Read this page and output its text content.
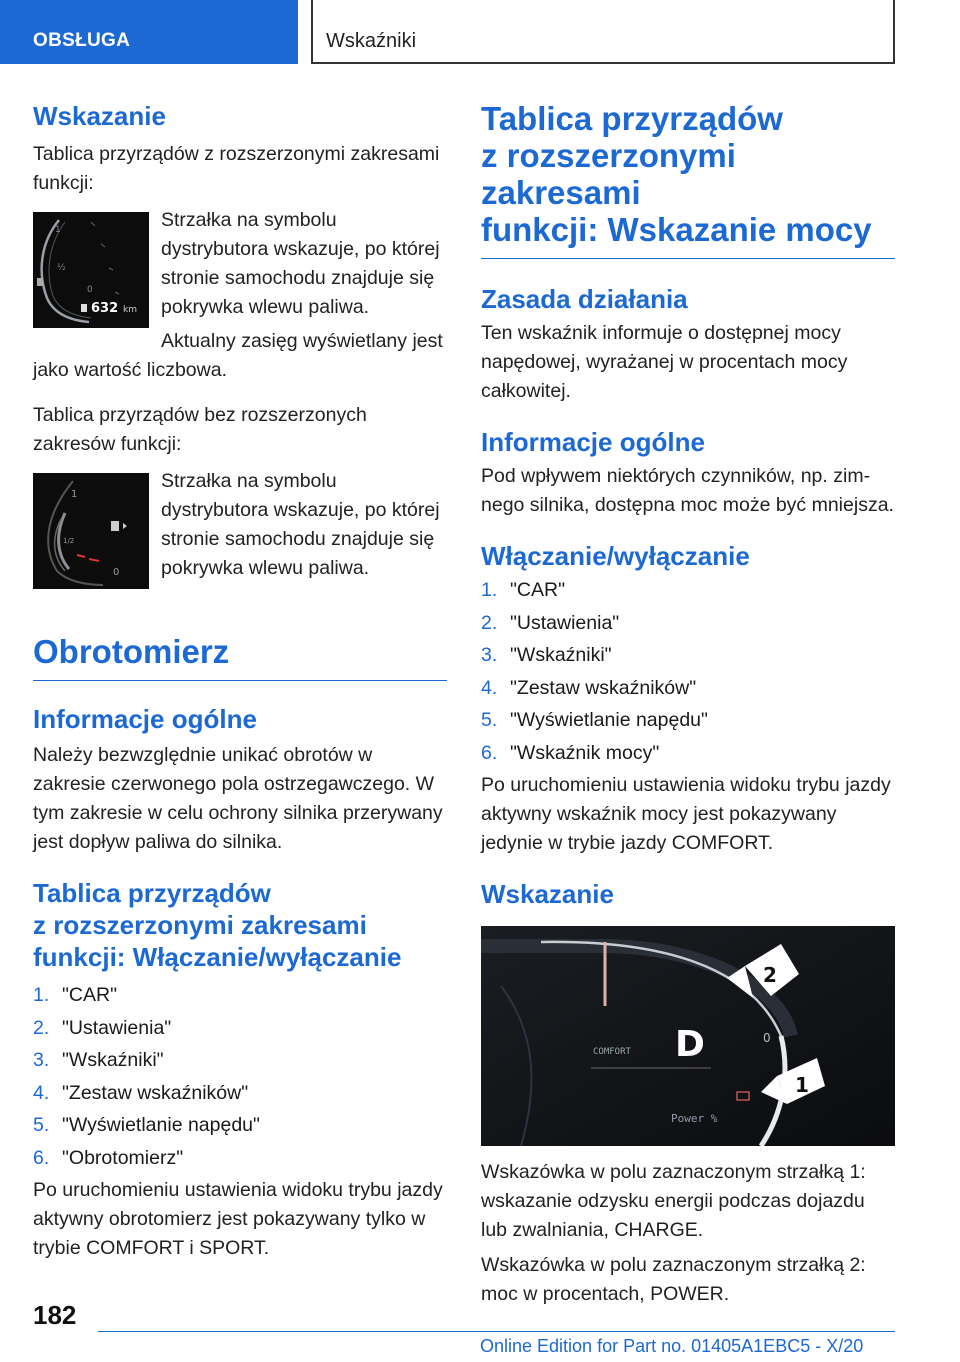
OBSŁUGA	Wskaźniki
Wskazanie

Tablica przyrządów z rozszerzonymi zakresami funkcji:

1
½
0
632 km

Strzałka na symbolu dystrybutora wskazuje, po której stronie samochodu znajduje się pokrywka wlewu paliwa.

Aktualny zasięg wyświetlany jest

jako wartość liczbowa.

Tablica przyrządów bez rozszerzonych zakresów funkcji:

1
1/2
0

Strzałka na symbolu dystrybutora wskazuje, po której stronie samochodu znajduje się pokrywka wlewu paliwa.

Obrotomierz
Informacje ogólne

Należy bezwzględnie unikać obrotów w zakresie czerwonego pola ostrzegawczego. W tym zakresie w celu ochrony silnika przerywany jest dopływ paliwa do silnika.

Tablica przyrządów
z rozszerzonymi zakresami
funkcji: Włączanie/wyłączanie
1. "CAR"
2. "Ustawienia"
3. "Wskaźniki"
4. "Zestaw wskaźników"
5. "Wyświetlanie napędu"
6. "Obrotomierz"

Po uruchomieniu ustawienia widoku trybu jazdy aktywny obrotomierz jest pokazywany tylko w trybie COMFORT i SPORT.

Tablica przyrządów
z rozszerzonymi zakresami
funkcji: Wskazanie mocy
Zasada działania

Ten wskaźnik informuje o dostępnej mocy napędowej, wyrażanej w procentach mocy całkowitej.

Informacje ogólne

Pod wpływem niektórych czynników, np. zimnego silnika, dostępna moc może być mniejsza.

Włączanie/wyłączanie
1. "CAR"
2. "Ustawienia"
3. "Wskaźniki"
4. "Zestaw wskaźników"
5. "Wyświetlanie napędu"
6. "Wskaźnik mocy"

Po uruchomieniu ustawienia widoku trybu jazdy aktywny wskaźnik mocy jest pokazywany jedynie w trybie jazdy COMFORT.

Wskazanie
D
COMFORT
0
Power %
2
1

Wskazówka w polu zaznaczonym strzałką 1: wskazanie odzysku energii podczas dojazdu lub zwalniania, CHARGE.

Wskazówka w polu zaznaczonym strzałką 2: moc w procentach, POWER.

182
Online Edition for Part no. 01405A1EBC5 - X/20
